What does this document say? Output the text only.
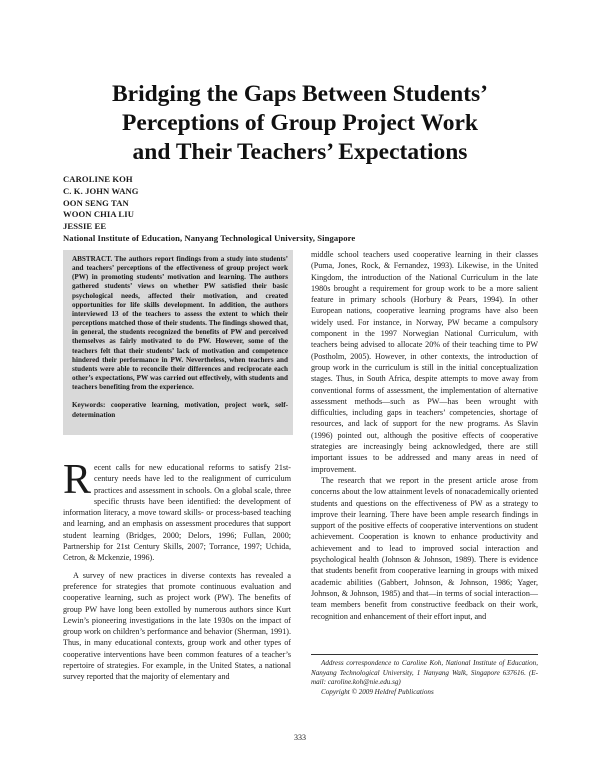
Bridging the Gaps Between Students’
Perceptions of Group Project Work
and Their Teachers’ Expectations
CAROLINE KOH
C. K. JOHN WANG
OON SENG TAN
WOON CHIA LIU
JESSIE EE
National Institute of Education, Nanyang Technological University, Singapore

ABSTRACT. The authors report findings from a study into students’ and teachers’ perceptions of the effectiveness of group project work (PW) in promoting students’ motivation and learning. The authors gathered students’ views on whether PW satisfied their basic psychological needs, affected their motivation, and created opportunities for life skills development. In addition, the authors interviewed 13 of the teachers to assess the extent to which their perceptions matched those of their students. The findings showed that, in general, the students recognized the benefits of PW and perceived themselves as fairly motivated to do PW. However, some of the teachers felt that their students’ lack of motivation and competence hindered their performance in PW. Nevertheless, when teachers and students were able to reconcile their differences and reciprocate each other’s expectations, PW was carried out effectively, with students and teachers benefiting from the experience.

Keywords: cooperative learning, motivation, project work, self-determination

Recent calls for new educational reforms to satisfy 21st-century needs have led to the realignment of curriculum practices and assessment in schools. On a global scale, three specific thrusts have been identified: the development of information literacy, a move toward skills- or process-based teaching and learning, and an emphasis on assessment procedures that support student learning (Bridges, 2000; Delors, 1996; Fullan, 2000; Partnership for 21st Century Skills, 2007; Torrance, 1997; Uchida, Cetron, & Mckenzie, 1996).

A survey of new practices in diverse contexts has revealed a preference for strategies that promote continuous evaluation and cooperative learning, such as project work (PW). The benefits of group PW have long been extolled by numerous authors since Kurt Lewin’s pioneering investigations in the late 1930s on the impact of group work on children’s performance and behavior (Sherman, 1991). Thus, in many educational contexts, group work and other types of cooperative interventions have been common features of a teacher’s repertoire of strategies. For example, in the United States, a national survey reported that the majority of elementary and

middle school teachers used cooperative learning in their classes (Puma, Jones, Rock, & Fernandez, 1993). Likewise, in the United Kingdom, the introduction of the National Curriculum in the late 1980s brought a requirement for group work to be a more salient feature in primary schools (Horbury & Pears, 1994). In other European nations, cooperative learning programs have also been widely used. For instance, in Norway, PW became a compulsory component in the 1997 Norwegian National Curriculum, with teachers being advised to allocate 20% of their teaching time to PW (Postholm, 2005). However, in other contexts, the introduction of group work in the curriculum is still in the initial conceptualization stages. Thus, in South Africa, despite attempts to move away from conventional forms of assessment, the implementation of alternative assessment methods—such as PW—has been wrought with difficulties, including gaps in teachers’ competencies, shortage of resources, and lack of support for the new programs. As Slavin (1996) pointed out, although the positive effects of cooperative strategies are increasingly being acknowledged, there are still important issues to be addressed and many areas in need of improvement.

The research that we report in the present article arose from concerns about the low attainment levels of nonacademically oriented students and questions on the effectiveness of PW as a strategy to improve their learning. There have been ample research findings in support of the positive effects of cooperative interventions on student achievement. Cooperation is known to enhance productivity and achievement and to lead to improved social interaction and psychological health (Johnson & Johnson, 1989). There is evidence that students benefit from cooperative learning in groups with mixed academic abilities (Gabbert, Johnson, & Johnson, 1986; Yager, Johnson, & Johnson, 1985) and that—in terms of social interaction—team members benefit from constructive feedback on their work, recognition and enhancement of their effort input, and

Address correspondence to Caroline Koh, National Institute of Education, Nanyang Technological University, 1 Nanyang Walk, Singapore 637616. (E-mail: caroline.koh@nie.edu.sg)

Copyright © 2009 Heldref Publications

333
